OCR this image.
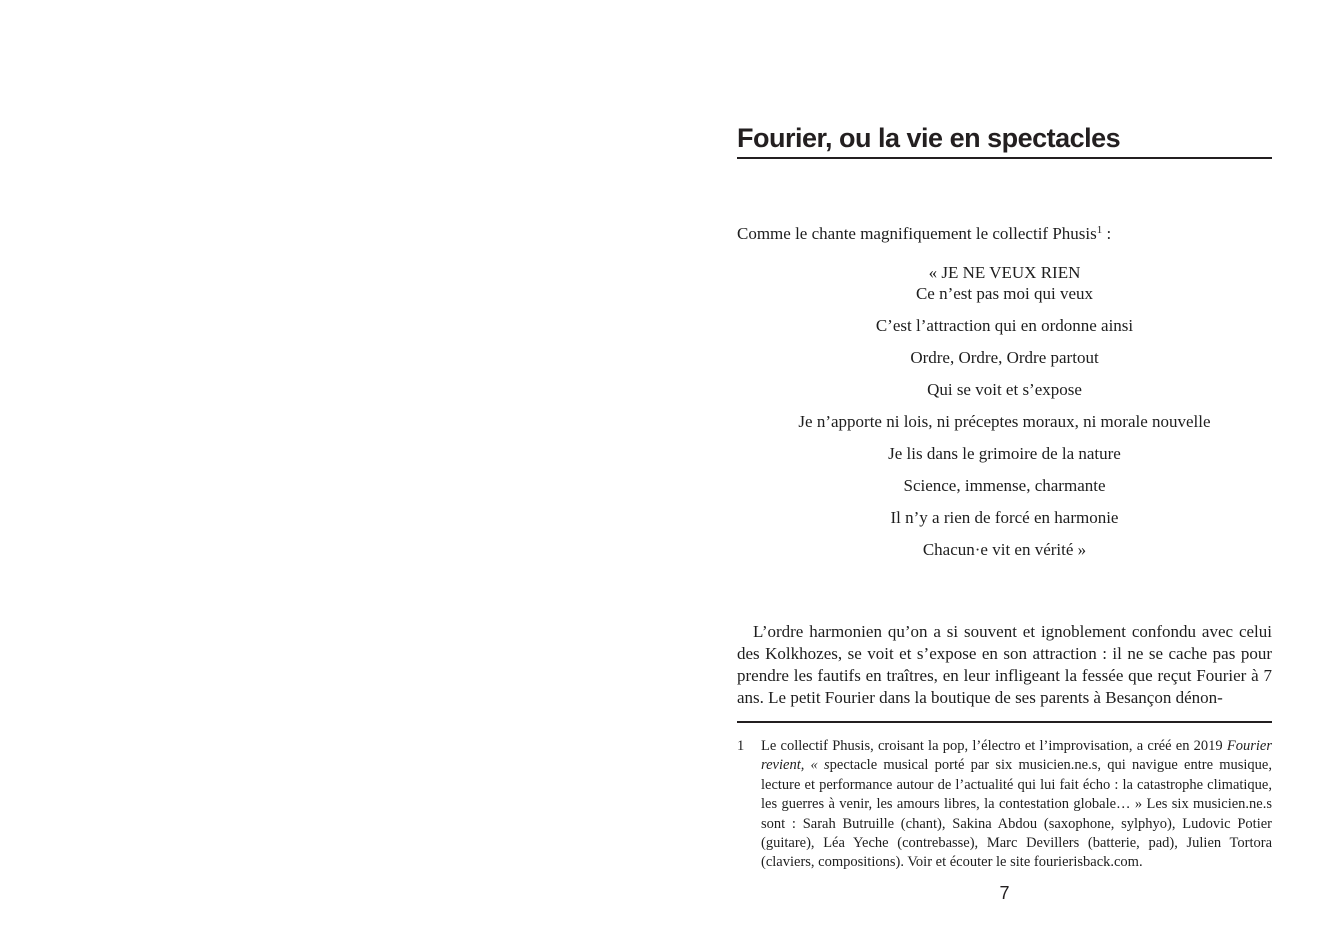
Fourier, ou la vie en spectacles

Comme le chante magnifiquement le collectif Phusis$^1$ :

« JE NE VEUX RIEN
Ce n’est pas moi qui veux
C’est l’attraction qui en ordonne ainsi
Ordre, Ordre, Ordre partout
Qui se voit et s’expose
Je n’apporte ni lois, ni préceptes moraux, ni morale nouvelle
Je lis dans le grimoire de la nature
Science, immense, charmante
Il n’y a rien de forcé en harmonie
Chacun·e vit en vérité »

L’ordre harmonien qu’on a si souvent et ignoblement confondu avec celui des Kolkhozes, se voit et s’expose en son attraction : il ne se cache pas pour prendre les fautifs en traîtres, en leur infligeant la fessée que reçut Fourier à 7 ans. Le petit Fourier dans la boutique de ses parents à Besançon dénon-

1 Le collectif Phusis, croisant la pop, l’électro et l’improvisation, a créé en 2019 Fourier revient, « spectacle musical porté par six musicien.ne.s, qui navigue entre musique, lecture et performance autour de l’actualité qui lui fait écho : la catastrophe climatique, les guerres à venir, les amours libres, la contestation globale… » Les six musicien.ne.s sont : Sarah Butruille (chant), Sakina Abdou (saxophone, sylphyo), Ludovic Potier (guitare), Léa Yeche (contrebasse), Marc Devillers (batterie, pad), Julien Tortora (claviers, compositions). Voir et écouter le site fourierisback.com.
7
